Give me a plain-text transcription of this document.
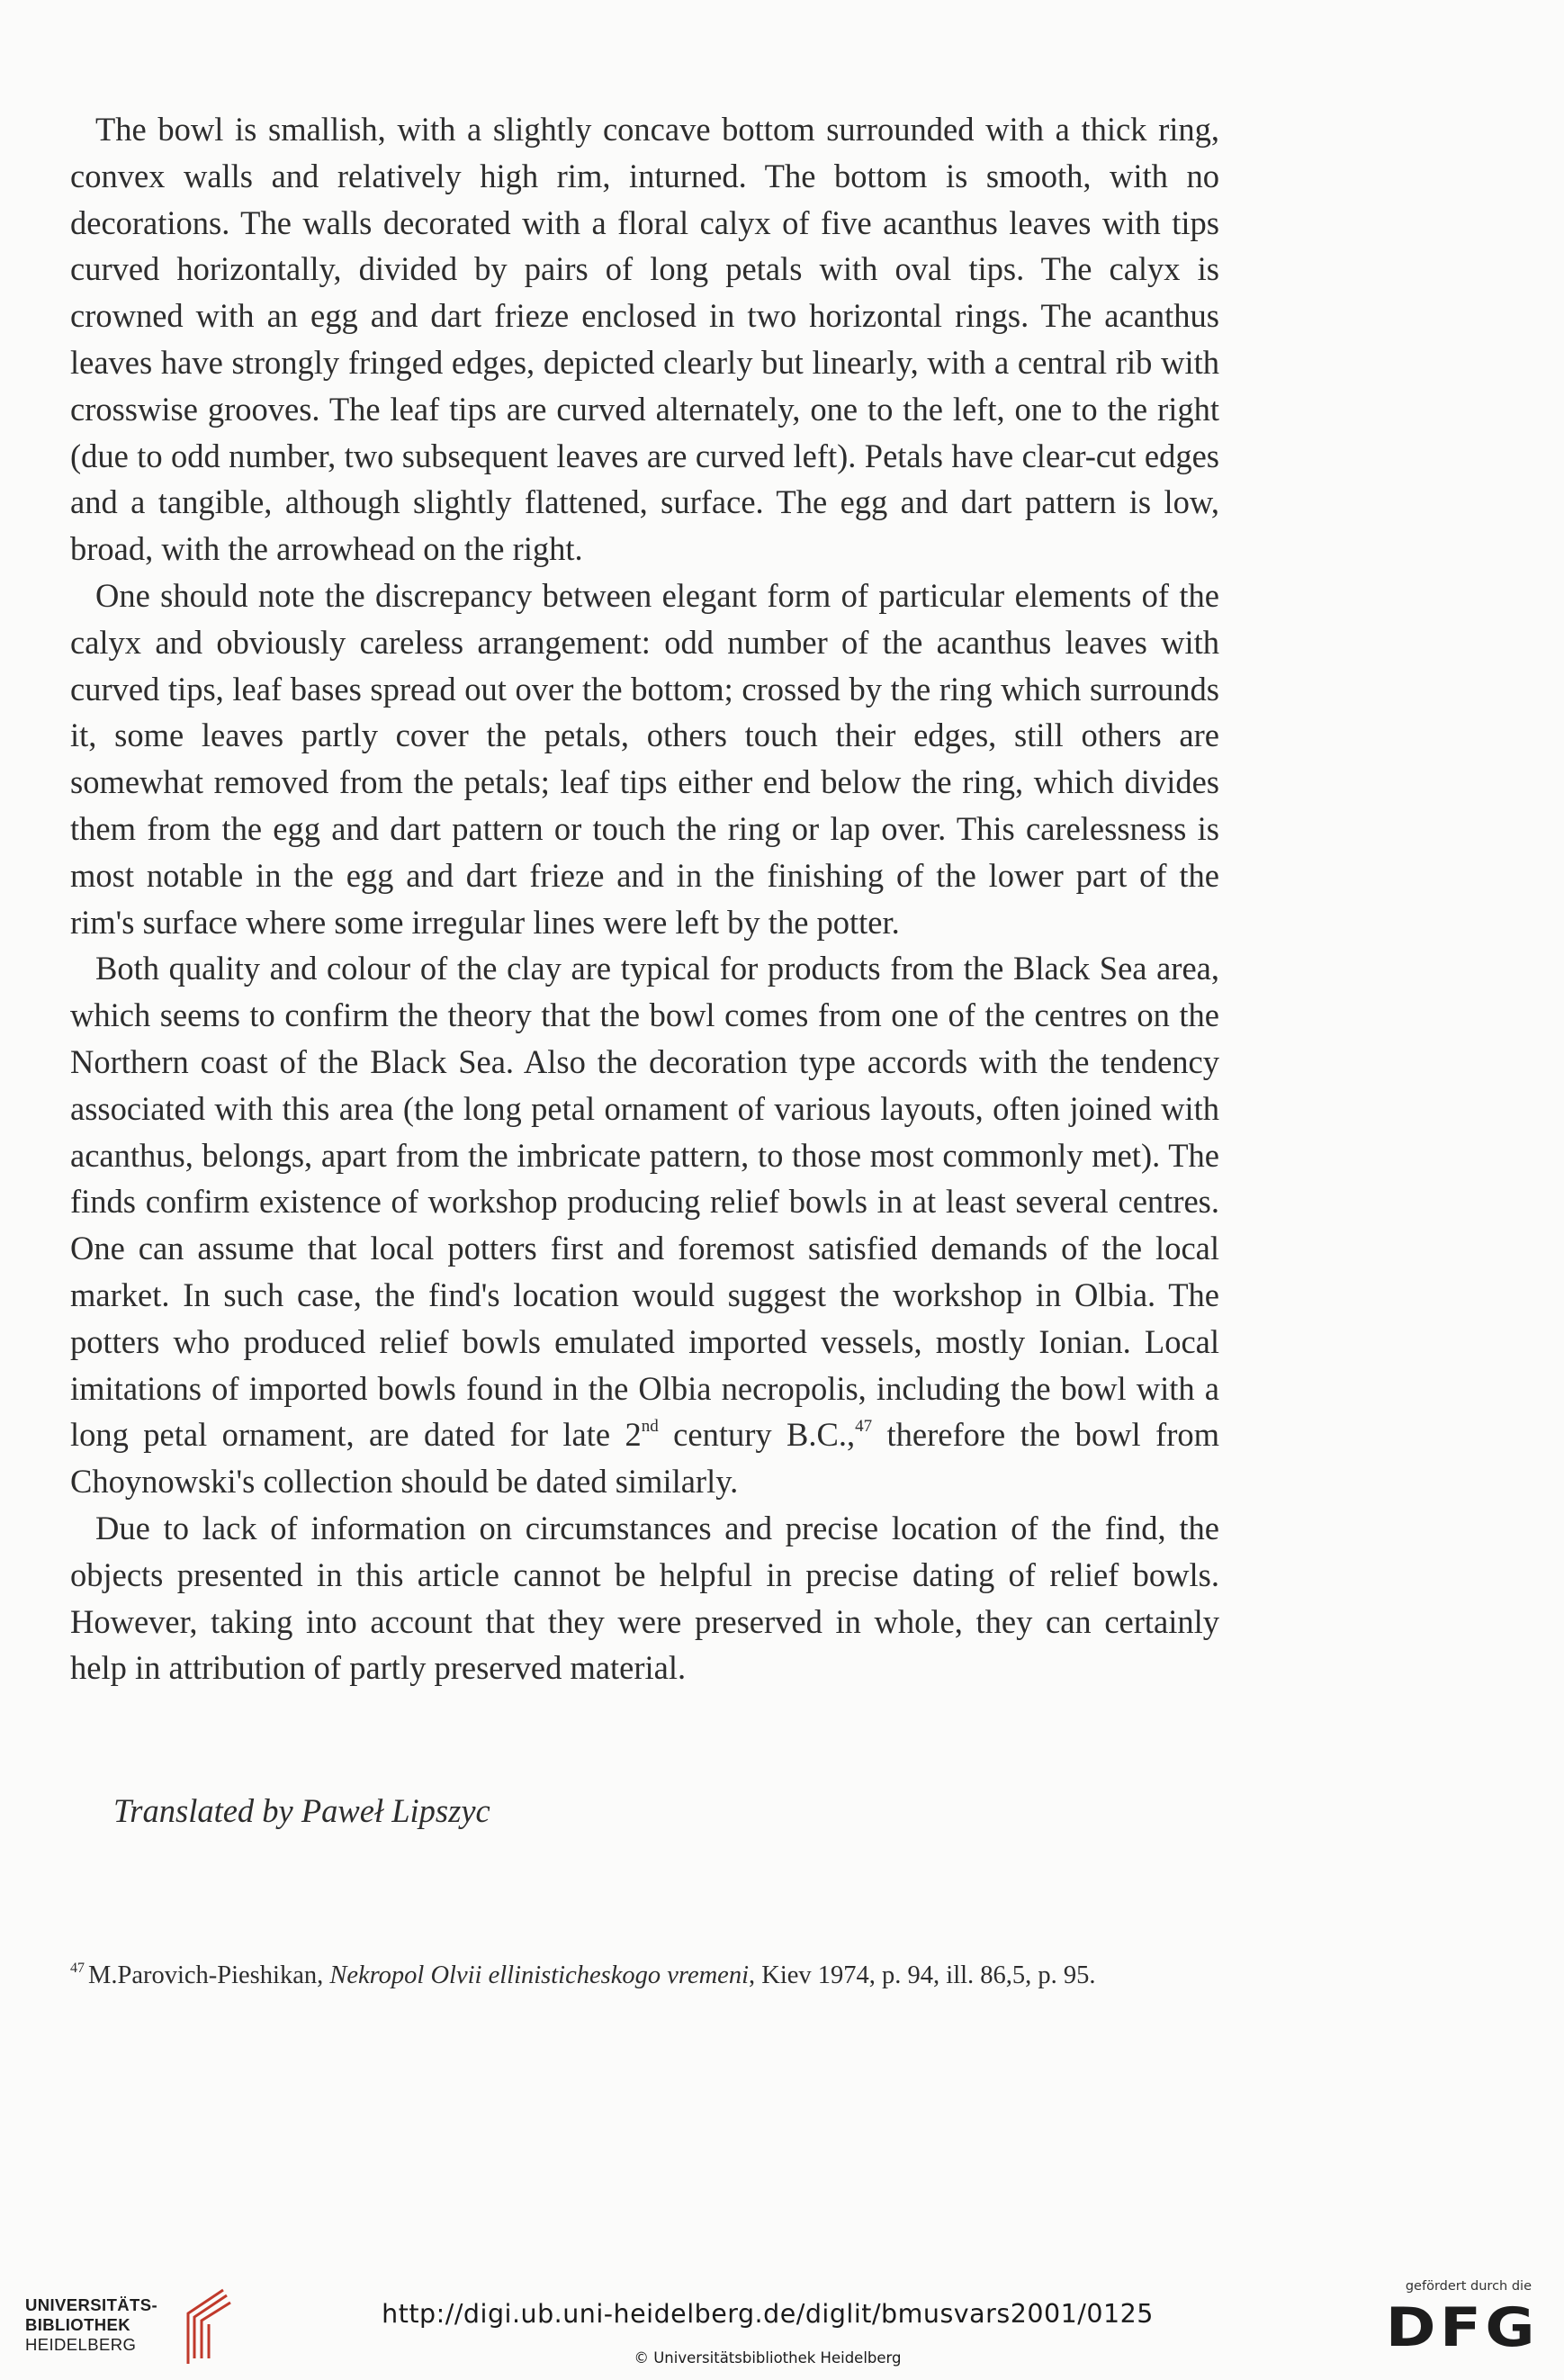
The bowl is smallish, with a slightly concave bottom surrounded with a thick ring, convex walls and relatively high rim, inturned. The bottom is smooth, with no decorations. The walls decorated with a floral calyx of five acanthus leaves with tips curved horizontally, divided by pairs of long petals with oval tips. The calyx is crowned with an egg and dart frieze enclosed in two horizontal rings. The acanthus leaves have strongly fringed edges, depicted clearly but linearly, with a central rib with crosswise grooves. The leaf tips are curved alternately, one to the left, one to the right (due to odd number, two subsequent leaves are curved left). Petals have clear-cut edges and a tangible, although slightly flattened, surface. The egg and dart pattern is low, broad, with the arrowhead on the right.

One should note the discrepancy between elegant form of particular elements of the calyx and obviously careless arrangement: odd number of the acanthus leaves with curved tips, leaf bases spread out over the bottom; crossed by the ring which surrounds it, some leaves partly cover the petals, others touch their edges, still others are somewhat removed from the petals; leaf tips either end below the ring, which divides them from the egg and dart pattern or touch the ring or lap over. This carelessness is most notable in the egg and dart frieze and in the finishing of the lower part of the rim's surface where some irregular lines were left by the potter.

Both quality and colour of the clay are typical for products from the Black Sea area, which seems to confirm the theory that the bowl comes from one of the centres on the Northern coast of the Black Sea. Also the decoration type accords with the tendency associated with this area (the long petal ornament of various layouts, often joined with acanthus, belongs, apart from the imbricate pattern, to those most commonly met). The finds confirm existence of workshop producing relief bowls in at least several centres. One can assume that local potters first and foremost satisfied demands of the local market. In such case, the find's location would suggest the workshop in Olbia. The potters who produced relief bowls emulated imported vessels, mostly Ionian. Local imitations of imported bowls found in the Olbia necropolis, including the bowl with a long petal ornament, are dated for late 2nd century B.C.,$^{47}$ therefore the bowl from Choynowski's collection should be dated similarly.

Due to lack of information on circumstances and precise location of the find, the objects presented in this article cannot be helpful in precise dating of relief bowls. However, taking into account that they were preserved in whole, they can certainly help in attribution of partly preserved material.

Translated by Paweł Lipszyc

$^{47}$ M.Parovich-Pieshikan, Nekropol Olvii ellinisticheskogo vremeni, Kiev 1974, p. 94, ill. 86,5, p. 95.

UNIVERSITÄTS-
BIBLIOTHEK
HEIDELBERG
http://digi.ub.uni-heidelberg.de/diglit/bmusvars2001/0125
© Universitätsbibliothek Heidelberg
gefördert durch die
DFG
